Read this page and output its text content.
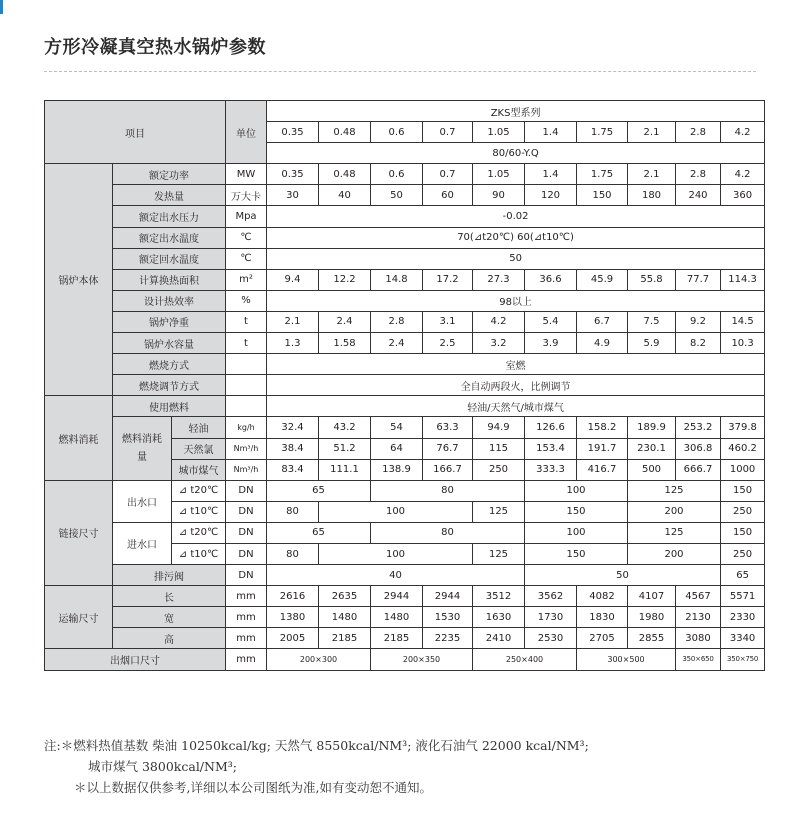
方形冷凝真空热水锅炉参数
项目			单位	ZKS型系列										
				0.35	0.48	0.6	0.7	1.05	1.4	1.75	2.1	2.8	4.2	
				80/60-Y.Q										
锅炉本体	额定功率		MW	0.35	0.48	0.6	0.7	1.05	1.4	1.75	2.1	2.8	4.2	
	发热量		万大卡	30	40	50	60	90	120	150	180	240	360	
	额定出水压力		Mpa	-0.02										
	额定出水温度		℃	70(⊿t20℃) 60(⊿t10℃)										
	额定回水温度		℃	50										
	计算换热面积		m²	9.4	12.2	14.8	17.2	27.3	36.6	45.9	55.8	77.7	114.3	
	设计热效率		%	98以上										
	锅炉净重		t	2.1	2.4	2.8	3.1	4.2	5.4	6.7	7.5	9.2	14.5	
	锅炉水容量		t	1.3	1.58	2.4	2.5	3.2	3.9	4.9	5.9	8.2	10.3	
	燃烧方式			室燃										
	燃烧调节方式			全自动两段火，比例调节										
燃料消耗	使用燃料			轻油/天然气/城市煤气										
	燃料消耗量	轻油	kg/h	32.4	43.2	54	63.3	94.9	126.6	158.2	189.9	253.2	379.8	
		天然氯	Nm³/h	38.4	51.2	64	76.7	115	153.4	191.7	230.1	306.8	460.2	
		城市煤气	Nm³/h	83.4	111.1	138.9	166.7	250	333.3	416.7	500	666.7	1000	
链接尺寸	出水口	⊿ t20℃	DN	65		80			100		125		150	
		⊿ t10℃	DN	80	100			125	150		200		250	
	进水口	⊿ t20℃	DN	65		80			100		125		150	
		⊿ t10℃	DN	80	100			125	150		200		250	
	排污阀		DN	40					50				65	
运输尺寸	长		mm	2616	2635	2944	2944	3512	3562	4082	4107	4567	5571	
	宽		mm	1380	1480	1480	1530	1630	1730	1830	1980	2130	2330	
	高		mm	2005	2185	2185	2235	2410	2530	2705	2855	3080	3340	
出烟口尺寸			mm	200×300		200×350		250×400		300×500		350×650	350×750	
注:＊燃料热值基数 柴油 10250kcal/kg; 天然气 8550kcal/NM³; 液化石油气 22000 kcal/NM³;
城市煤气 3800kcal/NM³;
＊以上数据仅供参考,详细以本公司图纸为准,如有变动恕不通知。
